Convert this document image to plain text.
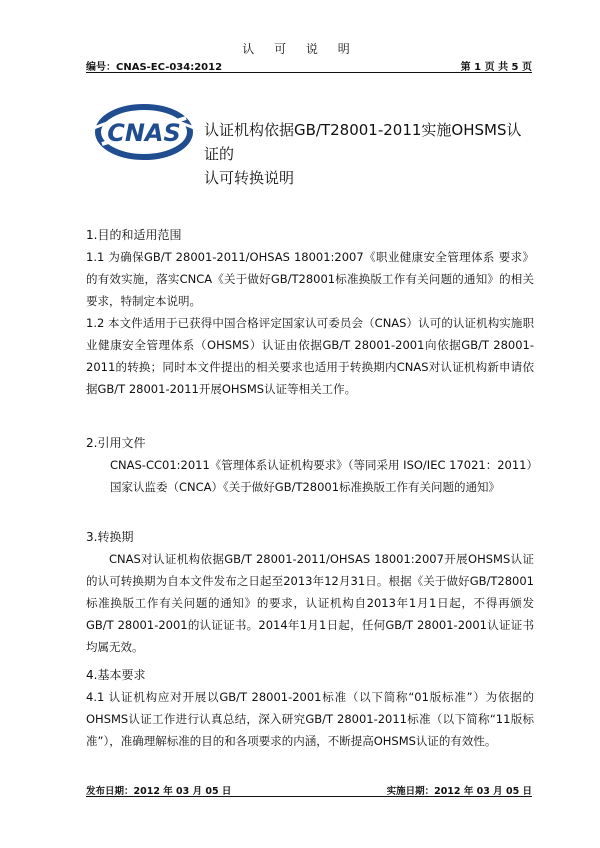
认 可 说 明
编号：CNAS-EC-034:2012	第 1 页 共 5 页
CNAS 认证机构依据GB/T28001-2011实施OHSMS认证的
认可转换说明

1.目的和适用范围

1.1 为确保GB/T 28001-2011/OHSAS 18001:2007《职业健康安全管理体系 要求》的有效实施，落实CNCA《关于做好GB/T28001标准换版工作有关问题的通知》的相关要求，特制定本说明。

1.2 本文件适用于已获得中国合格评定国家认可委员会（CNAS）认可的认证机构实施职业健康安全管理体系（OHSMS）认证由依据GB/T 28001-2001向依据GB/T 28001-2011的转换；同时本文件提出的相关要求也适用于转换期内CNAS对认证机构新申请依据GB/T 28001-2011开展OHSMS认证等相关工作。

2.引用文件

CNAS-CC01:2011《管理体系认证机构要求》（等同采用 ISO/IEC 17021：2011）

国家认监委（CNCA）《关于做好GB/T28001标准换版工作有关问题的通知》

3.转换期

CNAS对认证机构依据GB/T 28001-2011/OHSAS 18001:2007开展OHSMS认证的认可转换期为自本文件发布之日起至2013年12月31日。根据《关于做好GB/T28001标准换版工作有关问题的通知》的要求，认证机构自2013年1月1日起，不得再颁发GB/T 28001-2001的认证证书。2014年1月1日起，任何GB/T 28001-2001认证证书均属无效。

4.基本要求

4.1 认证机构应对开展以GB/T 28001-2001标准（以下简称“01版标准”）为依据的OHSMS认证工作进行认真总结，深入研究GB/T 28001-2011标准（以下简称“11版标准”），准确理解标准的目的和各项要求的内涵，不断提高OHSMS认证的有效性。

发布日期：2012 年 03 月 05 日	实施日期：2012 年 03 月 05 日
